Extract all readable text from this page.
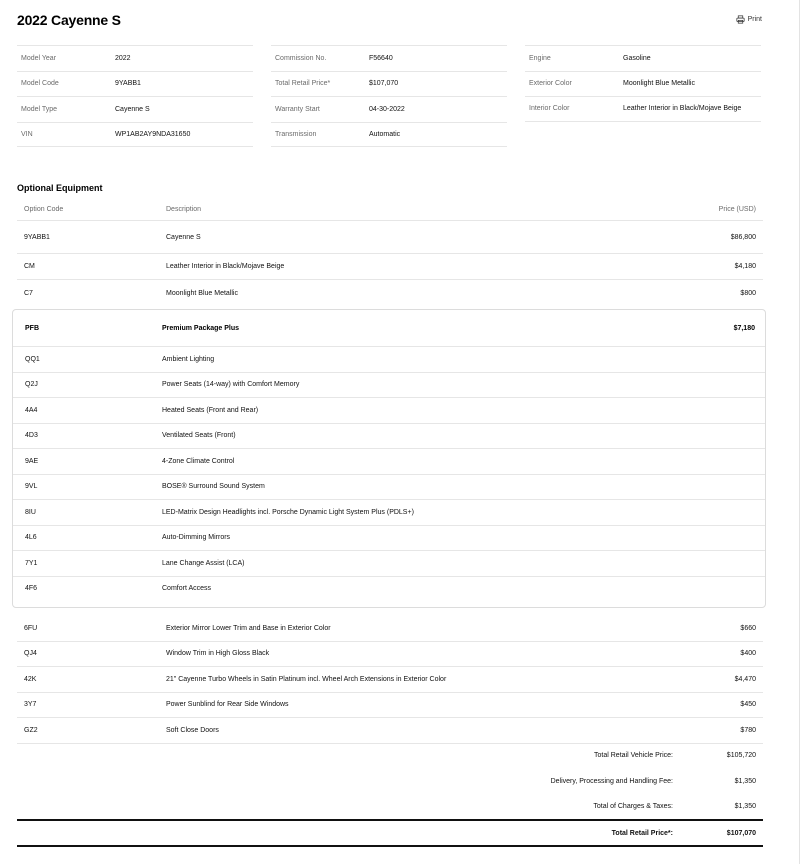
2022 Cayenne S	Print
Model Year	2022
Model Code	9YABB1
Model Type	Cayenne S
VIN	WP1AB2AY9NDA31650
Commission No.	F56640
Total Retail Price*	$107,070
Warranty Start	04-30-2022
Transmission	Automatic
Engine	Gasoline
Exterior Color	Moonlight Blue Metallic
Interior Color	Leather Interior in Black/Mojave Beige
Optional Equipment
Option Code	Description	Price (USD)
9YABB1	Cayenne S	$86,800
CM	Leather Interior in Black/Mojave Beige	$4,180
C7	Moonlight Blue Metallic	$800
PFB	Premium Package Plus	$7,180
QQ1	Ambient Lighting
Q2J	Power Seats (14-way) with Comfort Memory
4A4	Heated Seats (Front and Rear)
4D3	Ventilated Seats (Front)
9AE	4-Zone Climate Control
9VL	BOSE® Surround Sound System
8IU	LED-Matrix Design Headlights incl. Porsche Dynamic Light System Plus (PDLS+)
4L6	Auto-Dimming Mirrors
7Y1	Lane Change Assist (LCA)
4F6	Comfort Access
6FU	Exterior Mirror Lower Trim and Base in Exterior Color	$660
QJ4	Window Trim in High Gloss Black	$400
42K	21" Cayenne Turbo Wheels in Satin Platinum incl. Wheel Arch Extensions in Exterior Color	$4,470
3Y7	Power Sunblind for Rear Side Windows	$450
GZ2	Soft Close Doors	$780
Total Retail Vehicle Price:	$105,720
Delivery, Processing and Handling Fee:	$1,350
Total of Charges & Taxes:	$1,350
Total Retail Price*:	$107,070
